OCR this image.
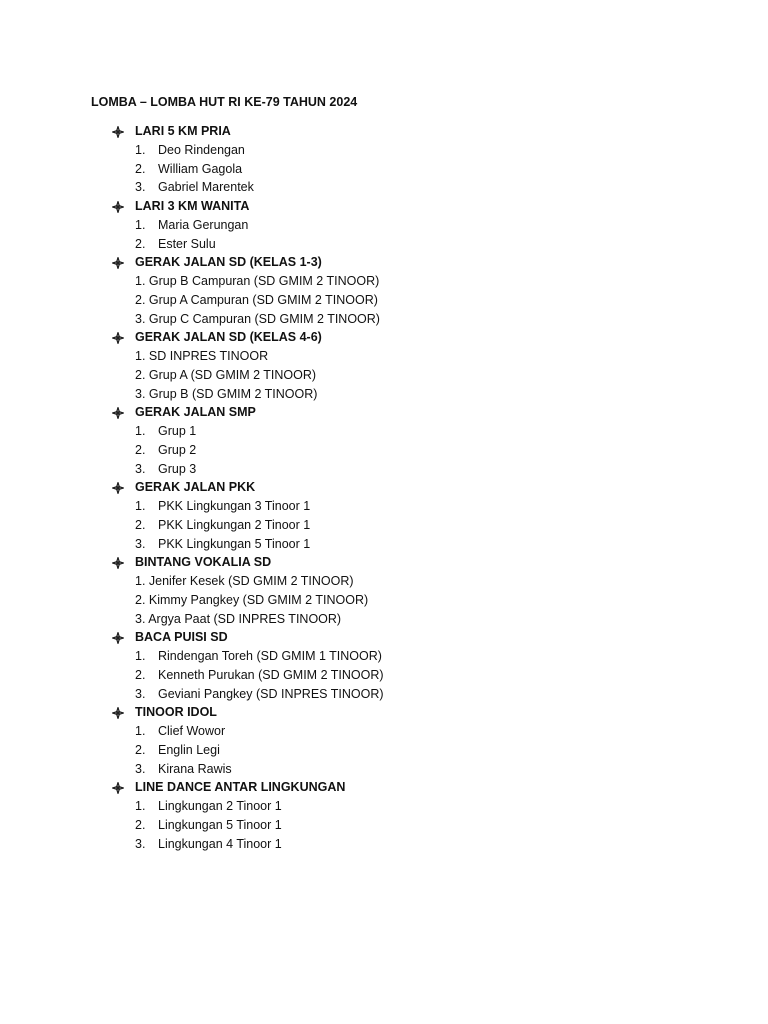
LOMBA – LOMBA HUT RI KE-79 TAHUN 2024
LARI 5 KM PRIA
1. Deo Rindengan
2. William Gagola
3. Gabriel Marentek
LARI 3 KM WANITA
1. Maria Gerungan
2. Ester Sulu
GERAK JALAN SD (KELAS 1-3)
1. Grup B Campuran (SD GMIM 2 TINOOR)
2. Grup A Campuran (SD GMIM 2 TINOOR)
3. Grup C Campuran (SD GMIM 2 TINOOR)
GERAK JALAN SD (KELAS 4-6)
1. SD INPRES TINOOR
2. Grup A (SD GMIM 2 TINOOR)
3. Grup B (SD GMIM 2 TINOOR)
GERAK JALAN SMP
1. Grup 1
2. Grup 2
3. Grup 3
GERAK JALAN PKK
1. PKK Lingkungan 3 Tinoor 1
2. PKK Lingkungan 2 Tinoor 1
3. PKK Lingkungan 5 Tinoor 1
BINTANG VOKALIA SD
1. Jenifer Kesek (SD GMIM 2 TINOOR)
2. Kimmy Pangkey (SD GMIM 2 TINOOR)
3. Argya Paat (SD INPRES TINOOR)
BACA PUISI SD
1. Rindengan Toreh (SD GMIM 1 TINOOR)
2. Kenneth Purukan (SD GMIM 2 TINOOR)
3. Geviani Pangkey (SD INPRES TINOOR)
TINOOR IDOL
1. Clief Wowor
2. Englin Legi
3. Kirana Rawis
LINE DANCE ANTAR LINGKUNGAN
1. Lingkungan 2 Tinoor 1
2. Lingkungan 5 Tinoor 1
3. Lingkungan 4 Tinoor 1
